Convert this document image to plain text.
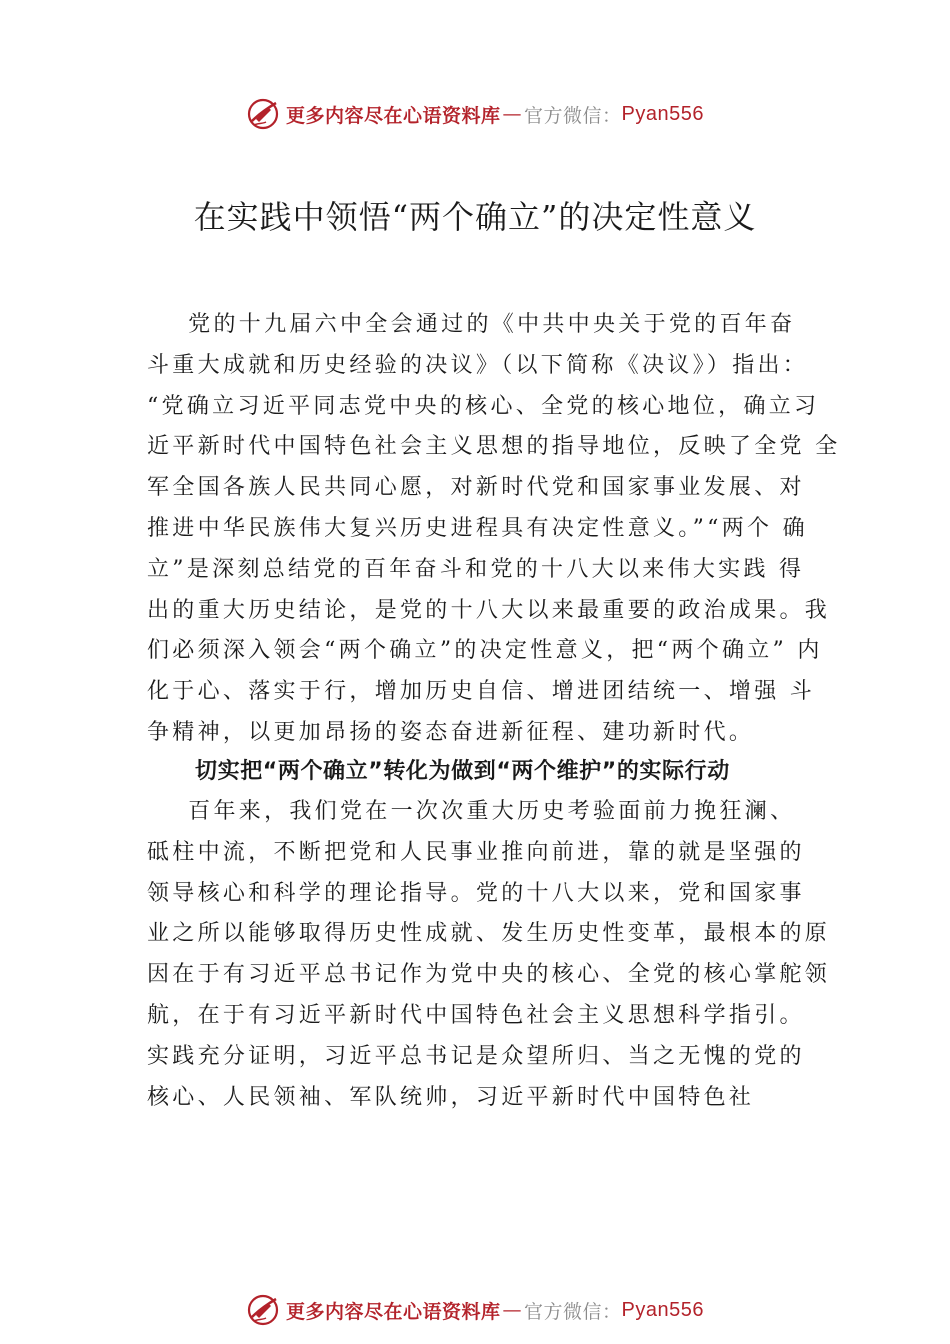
更多内容尽在心语资料库 — 官方微信： Pyan556
在实践中领悟“两个确立”的决定性意义
党的十九届六中全会通过的《中共中央关于党的百年奋
斗重大成就和历史经验的决议》（以下简称《决议》）指出：
“党确立习近平同志党中央的核心、全党的核心地位，确立习
近平新时代中国特色社会主义思想的指导地位，反映了全党 全
军全国各族人民共同心愿，对新时代党和国家事业发展、对
推进中华民族伟大复兴历史进程具有决定性意义。”“两个 确
立”是深刻总结党的百年奋斗和党的十八大以来伟大实践 得
出的重大历史结论，是党的十八大以来最重要的政治成果。我
们必须深入领会“两个确立”的决定性意义，把“两个确立” 内
化于心、落实于行，增加历史自信、增进团结统一、增强 斗
争精神，以更加昂扬的姿态奋进新征程、建功新时代。
切实把“两个确立”转化为做到“两个维护”的实际行动
百年来，我们党在一次次重大历史考验面前力挽狂澜、
砥柱中流，不断把党和人民事业推向前进，靠的就是坚强的
领导核心和科学的理论指导。党的十八大以来，党和国家事
业之所以能够取得历史性成就、发生历史性变革，最根本的原
因在于有习近平总书记作为党中央的核心、全党的核心掌舵领
航，在于有习近平新时代中国特色社会主义思想科学指引。
实践充分证明，习近平总书记是众望所归、当之无愧的党的
核心、人民领袖、军队统帅，习近平新时代中国特色社
更多内容尽在心语资料库 — 官方微信： Pyan556
